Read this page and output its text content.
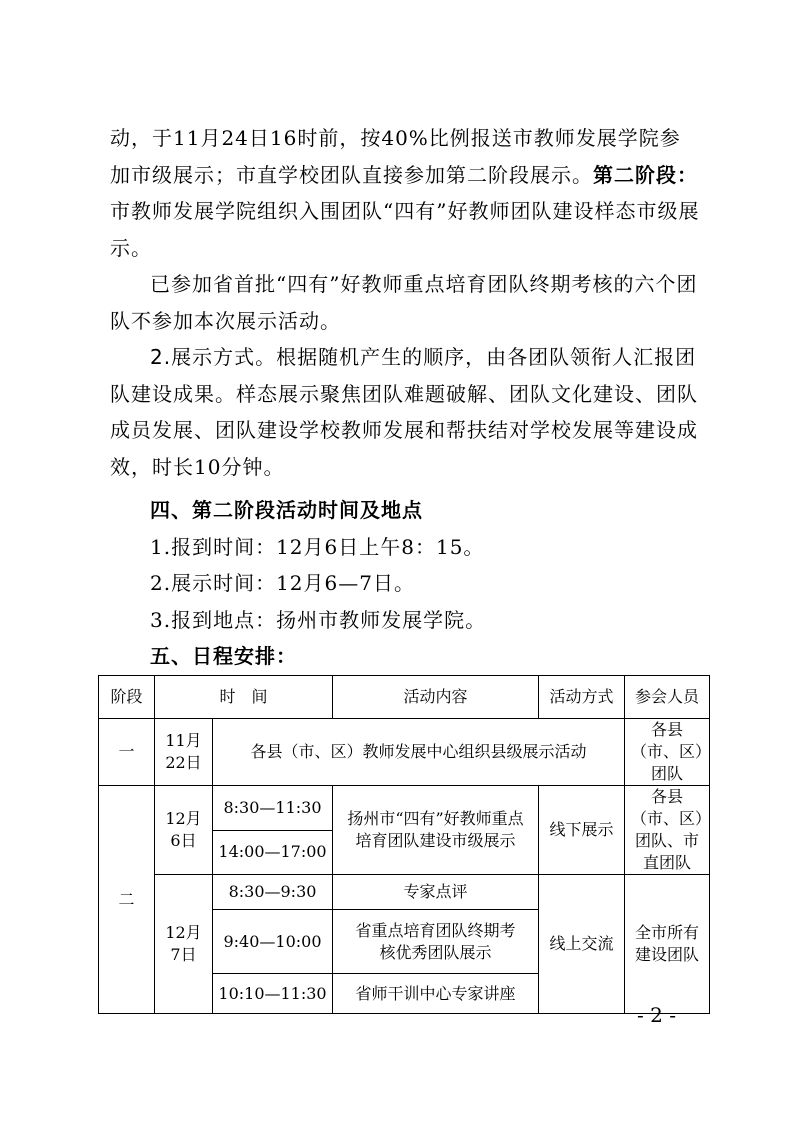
动，于11月24日16时前，按40%比例报送市教师发展学院参加市级展示；市直学校团队直接参加第二阶段展示。第二阶段：市教师发展学院组织入围团队“四有”好教师团队建设样态市级展示。

已参加省首批“四有”好教师重点培育团队终期考核的六个团队不参加本次展示活动。

2.展示方式。根据随机产生的顺序，由各团队领衔人汇报团队建设成果。样态展示聚焦团队难题破解、团队文化建设、团队成员发展、团队建设学校教师发展和帮扶结对学校发展等建设成效，时长10分钟。

四、第二阶段活动时间及地点

1.报到时间：12月6日上午8：15。

2.展示时间：12月6—7日。

3.报到地点：扬州市教师发展学院。

五、日程安排：

阶段	时　间		活动内容	活动方式	参会人员
一	11月22日	各县（市、区）教师发展中心组织县级展示活动			各县（市、区）团队
二	12月6日	8:30—11:30	扬州市“四有”好教师重点培育团队建设市级展示	线下展示	各县（市、区）团队、市直团队
		14:00—17:00			
	12月7日	8:30—9:30	专家点评	线上交流	全市所有建设团队
		9:40—10:00	省重点培育团队终期考核优秀团队展示		
		10:10—11:30	省师干训中心专家讲座		
- 2 -
